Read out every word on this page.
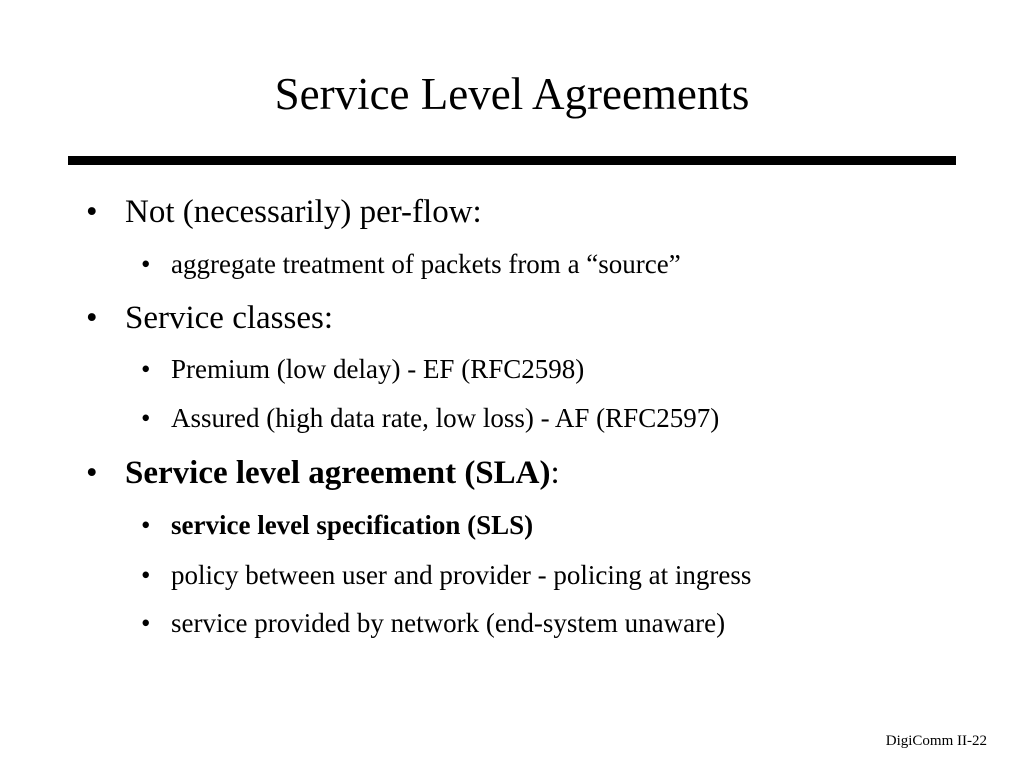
Service Level Agreements
• Not (necessarily) per-flow:
• aggregate treatment of packets from a “source”
• Service classes:
• Premium (low delay) - EF (RFC2598)
• Assured (high data rate, low loss) - AF (RFC2597)
• Service level agreement (SLA):
• service level specification (SLS)
• policy between user and provider - policing at ingress
• service provided by network (end-system unaware)
DigiComm II-22
